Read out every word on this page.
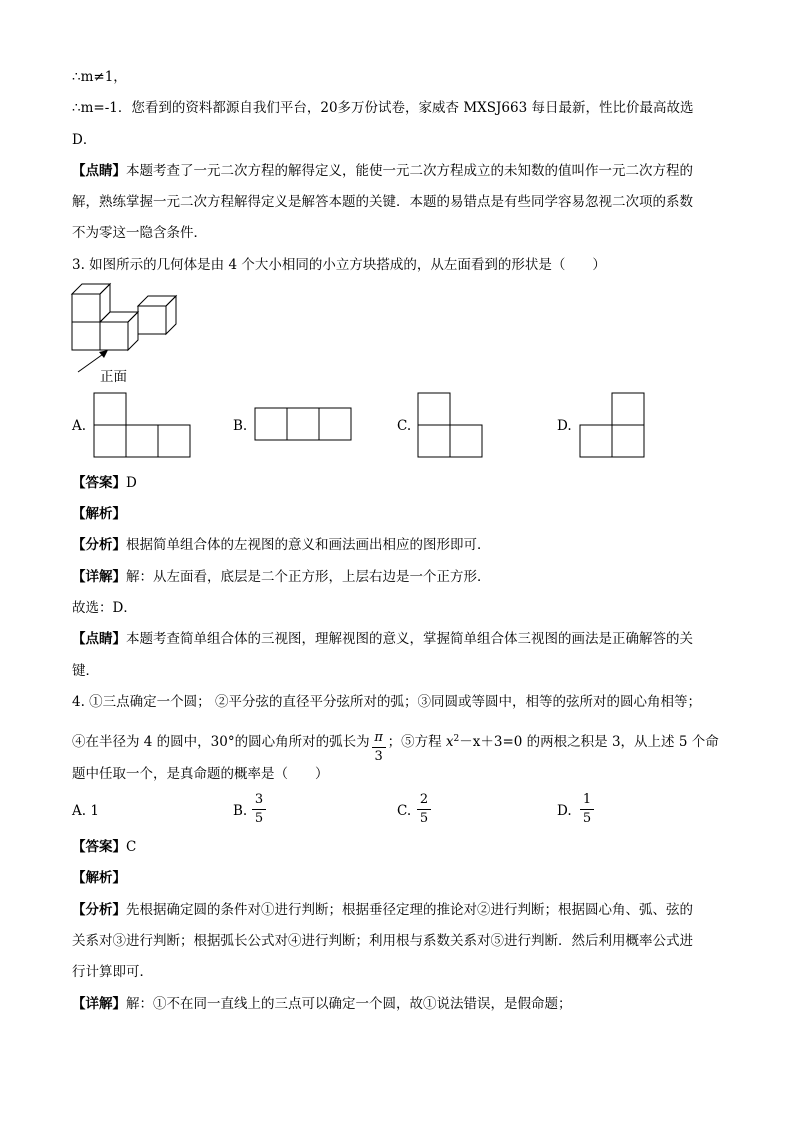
∴m≠1，
∴m=-1．您看到的资料都源自我们平台，20多万份试卷，家威杏 MXSJ663 每日最新，性比价最高故选
D．
【点睛】本题考查了一元二次方程的解得定义，能使一元二次方程成立的未知数的值叫作一元二次方程的
解，熟练掌握一元二次方程解得定义是解答本题的关键．本题的易错点是有些同学容易忽视二次项的系数
不为零这一隐含条件．
3. 如图所示的几何体是由 4 个大小相同的小立方块搭成的，从左面看到的形状是（　　）
正面
A.	B.	C.	D.
【答案】D
【解析】
【分析】根据简单组合体的左视图的意义和画法画出相应的图形即可．
【详解】解：从左面看，底层是二个正方形，上层右边是一个正方形．
故选：D．
【点睛】本题考查简单组合体的三视图，理解视图的意义，掌握简单组合体三视图的画法是正确解答的关
键．
4. ①三点确定一个圆； ②平分弦的直径平分弦所对的弧；③同圆或等圆中，相等的弦所对的圆心角相等；
④在半径为 4 的圆中，30°的圆心角所对的弧长为 π
3
；⑤方程 $x^2-x+3=0$ 的两根之积是 3，从上述 5 个命
题中任取一个，是真命题的概率是（　　）
A. 1	B.
3
5	C.
2
5	D.
1
5
【答案】C
【解析】
【分析】先根据确定圆的条件对①进行判断；根据垂径定理的推论对②进行判断；根据圆心角、弧、弦的
关系对③进行判断；根据弧长公式对④进行判断；利用根与系数关系对⑤进行判断．然后利用概率公式进
行计算即可．
【详解】解：①不在同一直线上的三点可以确定一个圆，故①说法错误，是假命题；
